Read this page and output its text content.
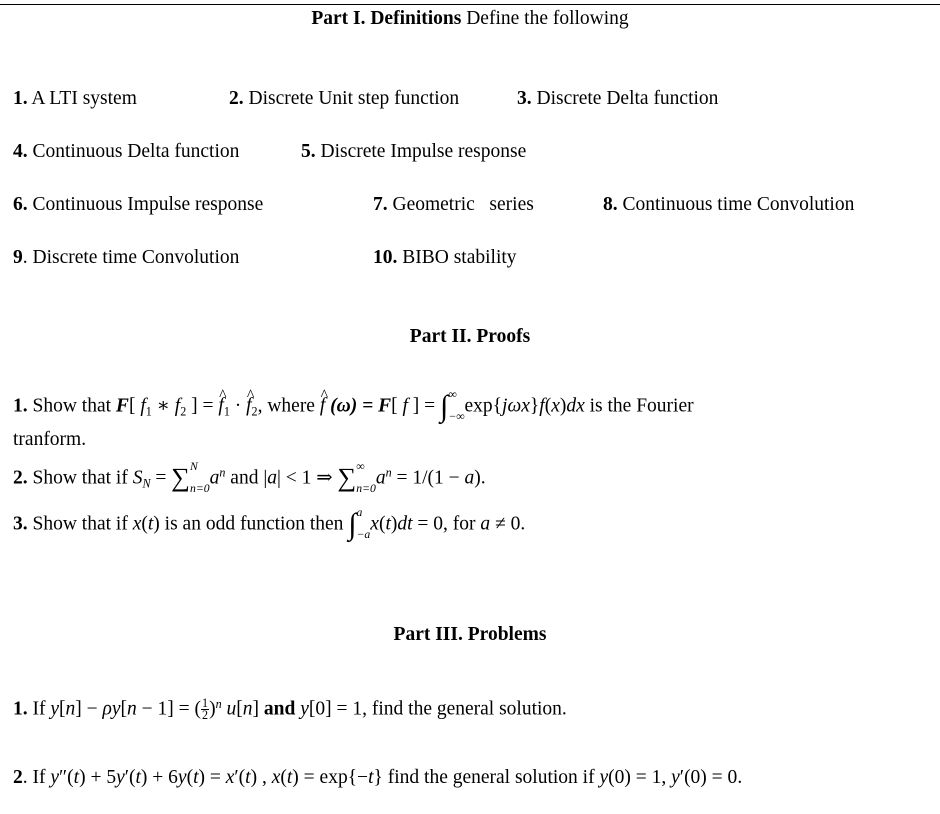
Part I. Definitions Define the following
1. A LTI system	2. Discrete Unit step function	3. Discrete Delta function
4. Continuous Delta function	5. Discrete Impulse response
6. Continuous Impulse response	7. Geometric   series	8. Continuous time Convolution
9. Discrete time Convolution	10. BIBO stability
Part II. Proofs
1. Show that F[ $f_1$ ∗ $f_2$ ] = ^ $f_1$ · ^ $f_2$, where ^ f (ω) = F[ f ] = ∫ ∞
−∞
exp{jωx}f(x)dx is the Fourier
tranform.
2. Show that if $S_N$ = ∑ N
n=0
$a^n$ and |a| < 1 ⇒ ∑ ∞
n=0
$a^n = 1/(1 - a)$.
3. Show that if x(t) is an odd function then ∫ a
−a
x(t)dt = 0, for a ≠ 0.
Part III. Problems
1. If y[n] − ρy[n − 1] = ( $\frac{1}{2} )^n$ u[n] and y[0] = 1, find the general solution.
2. If y″(t) + 5y′(t) + 6y(t) = x′(t) , x(t) = exp{−t} find the general solution if y(0) = 1, y′(0) = 0.
